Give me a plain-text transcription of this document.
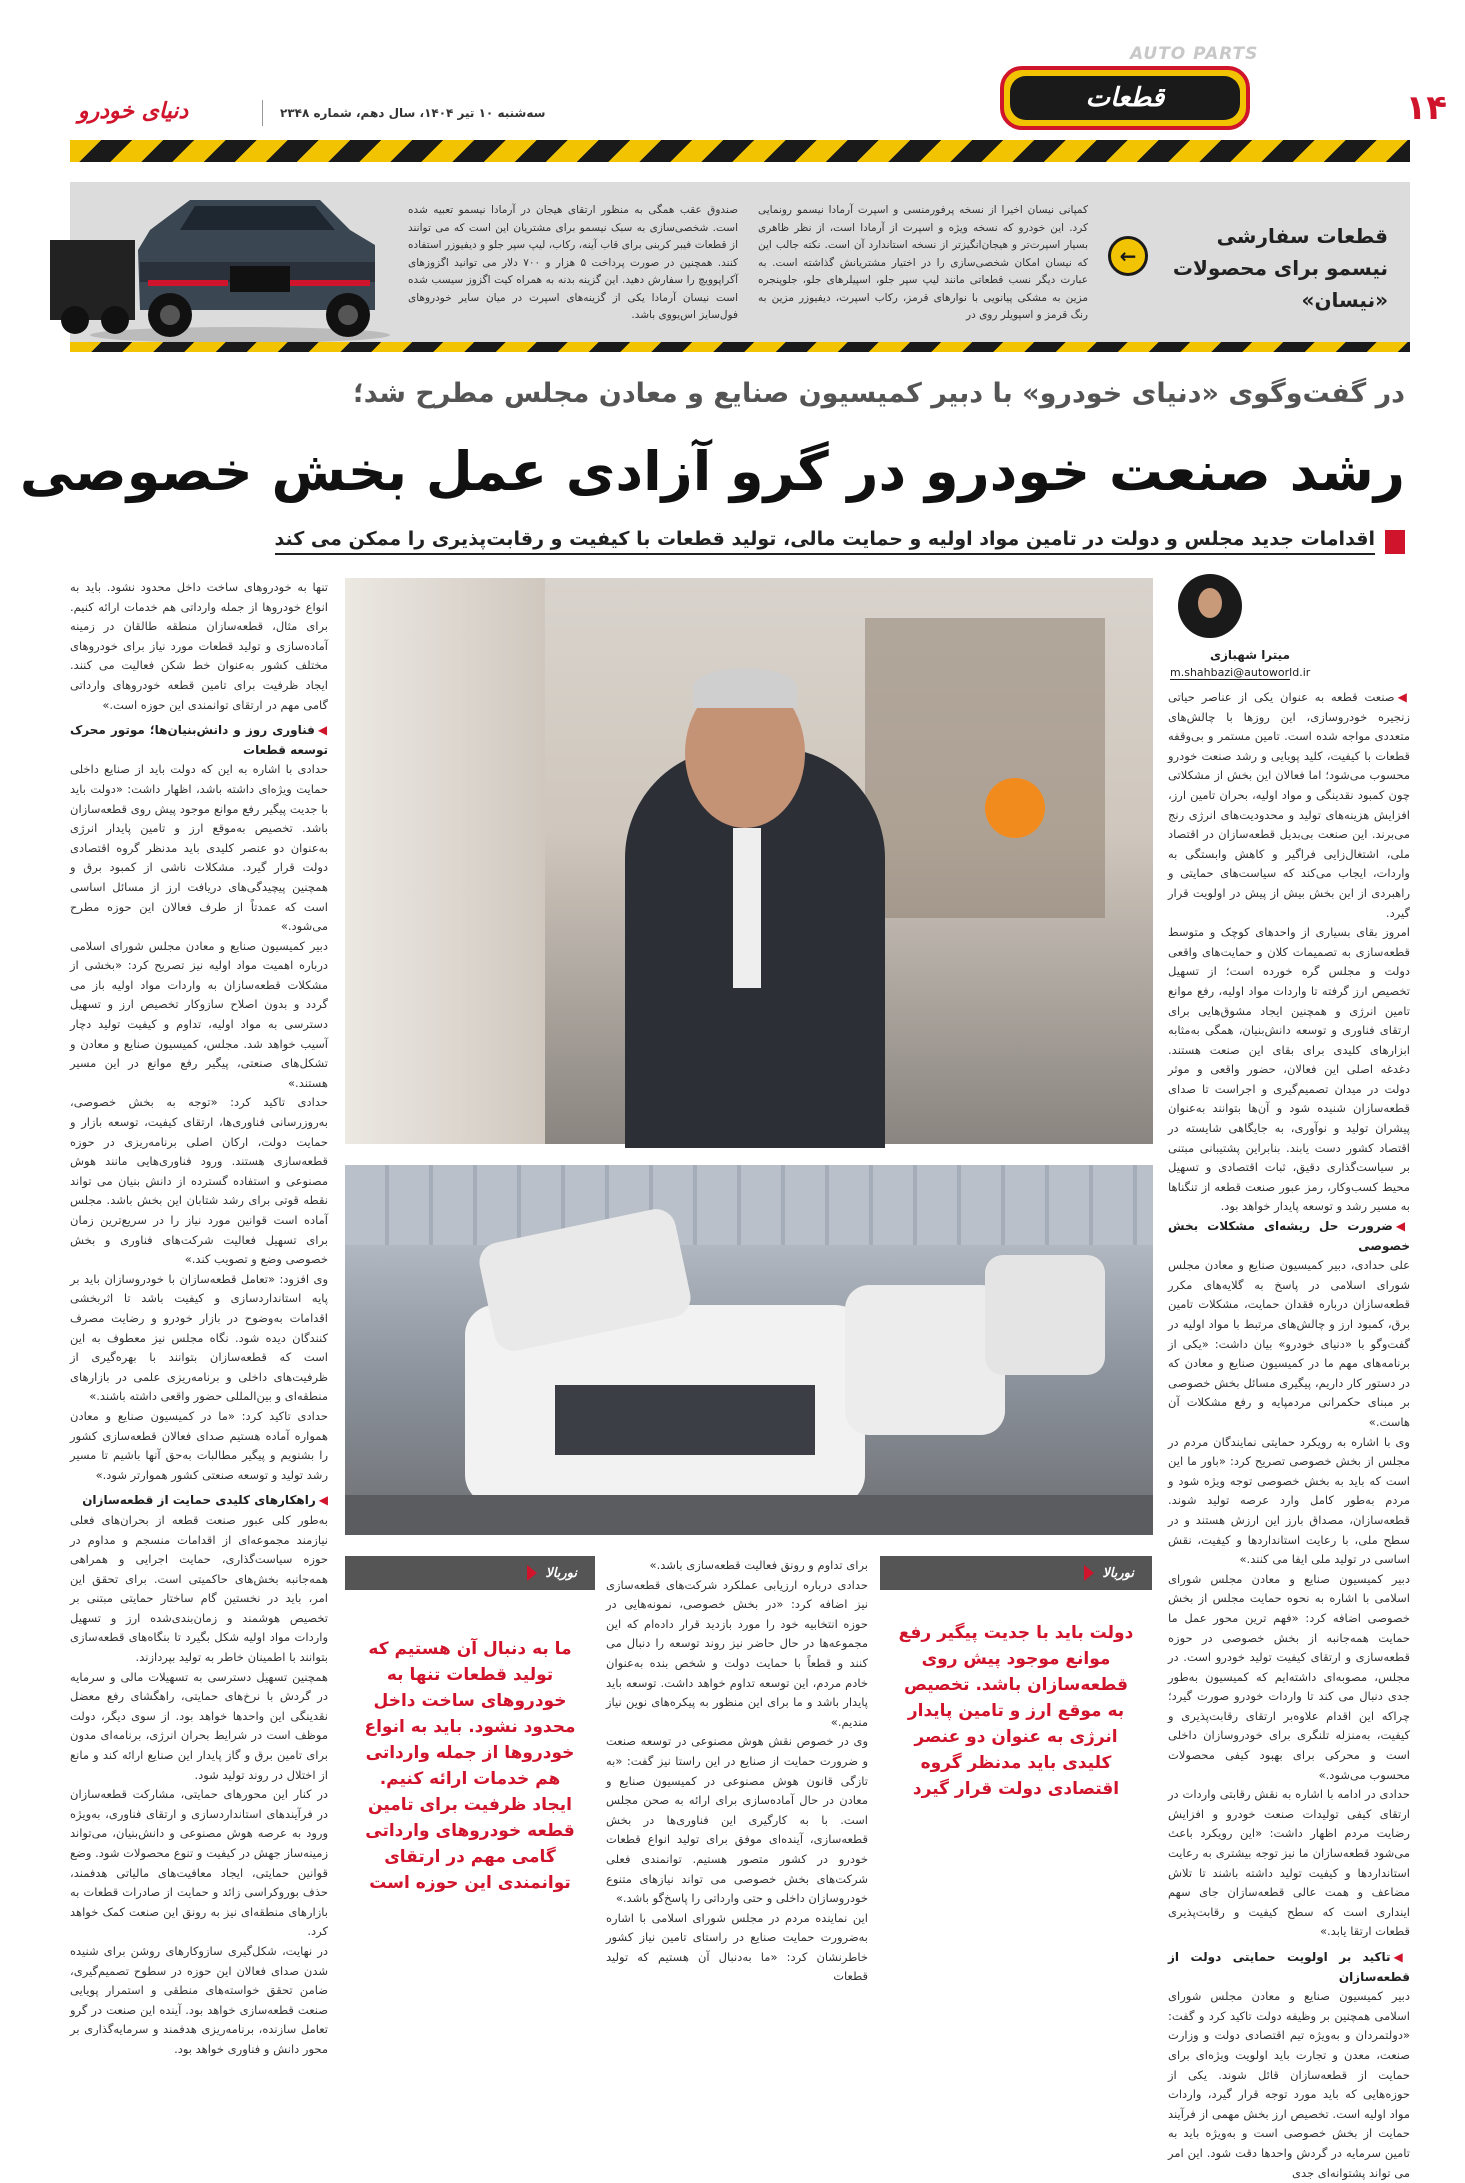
AUTO PARTS
۱۴
قطعات
دنیای خودرو	سه‌شنبه ۱۰ تیر ۱۴۰۴، سال دهم، شماره ۲۳۴۸
قطعات سفارشی نیسمو برای محصولات «نیسان»
←
کمپانی نیسان اخیرا از نسخه پرفورمنسی و اسپرت آرمادا نیسمو رونمایی کرد. این خودرو که نسخه ویژه و اسپرت از آرمادا است، از نظر ظاهری بسیار اسپرت‌تر و هیجان‌انگیزتر از نسخه استاندارد آن است. نکته جالب این که نیسان امکان شخصی‌سازی را در اختیار مشتریانش گذاشته است. به عبارت دیگر نسب قطعاتی مانند لیپ سپر جلو، اسپیلرهای جلو، جلوپنجره مزین به مشکی پیانویی با نوارهای قرمز، رکاب اسپرت، دیفیوزر مزین به رنگ قرمز و اسپویلر روی در
صندوق عقب همگی به منظور ارتقای هیجان در آرمادا نیسمو تعبیه شده است. شخصی‌سازی به سبک نیسمو برای مشتریان این است که می توانند از قطعات فیبر کربنی برای قاب آینه، رکاب، لیپ سپر جلو و دیفیوزر استفاده کنند. همچنین در صورت پرداخت ۵ هزار و ۷۰۰ دلار می توانید اگزوزهای آکراپوویچ را سفارش دهید. این گزینه بدنه به همراه کیت اگزوز سیسب شده است نیسان آرمادا یکی از گزینه‌های اسپرت در میان سایر خودروهای فول‌سایز اس‌یووی باشد.
در گفت‌وگوی «دنیای خودرو» با دبیر کمیسیون صنایع و معادن مجلس مطرح شد؛
رشد صنعت خودرو در گرو آزادی عمل بخش خصوصی
اقدامات جدید مجلس و دولت در تامین مواد اولیه و حمایت مالی، تولید قطعات با کیفیت و رقابت‌پذیری را ممکن می کند
میترا شهبازی
m.shahbazi@autoworld.ir

◀صنعت قطعه به عنوان یکی از عناصر حیاتی زنجیره خودروسازی، این روزها با چالش‌های متعددی مواجه شده است. تامین مستمر و بی‌وقفه قطعات با کیفیت، کلید پویایی و رشد صنعت خودرو محسوب می‌شود؛ اما فعالان این بخش از مشکلاتی چون کمبود نقدینگی و مواد اولیه، بحران تامین ارز، افزایش هزینه‌های تولید و محدودیت‌های انرژی رنج می‌برند. این صنعت بی‌بدیل قطعه‌سازان در اقتصاد ملی، اشتغال‌زایی فراگیر و کاهش وابستگی به واردات، ایجاب می‌کند که سیاست‌های حمایتی و راهبردی از این بخش بیش از پیش در اولویت قرار گیرد.

امروز بقای بسیاری از واحدهای کوچک و متوسط قطعه‌سازی به تصمیمات کلان و حمایت‌های واقعی دولت و مجلس گره خورده است؛ از تسهیل تخصیص ارز گرفته تا واردات مواد اولیه، رفع موانع تامین انرژی و همچنین ایجاد مشوق‌هایی برای ارتقای فناوری و توسعه دانش‌بنیان، همگی به‌مثابه ابزارهای کلیدی برای بقای این صنعت هستند. دغدغه اصلی این فعالان، حضور واقعی و موثر دولت در میدان تصمیم‌گیری و اجراست تا صدای قطعه‌سازان شنیده شود و آن‌ها بتوانند به‌عنوان پیشران تولید و نوآوری، به جایگاهی شایسته در اقتصاد کشور دست یابند. بنابراین پشتیبانی مبتنی بر سیاست‌گذاری دقیق، ثبات اقتصادی و تسهیل محیط کسب‌وکار، رمز عبور صنعت قطعه از تنگناها به مسیر رشد و توسعه پایدار خواهد بود.

◀ضرورت حل ریشه‌ای مشکلات بخش خصوصی

علی حدادی، دبیر کمیسیون صنایع و معادن مجلس شورای اسلامی در پاسخ به گلایه‌های مکرر قطعه‌سازان درباره فقدان حمایت، مشکلات تامین برق، کمبود ارز و چالش‌های مرتبط با مواد اولیه در گفت‌وگو با «دنیای خودرو» بیان داشت: «یکی از برنامه‌های مهم ما در کمیسیون صنایع و معادن که در دستور کار داریم، پیگیری مسائل بخش خصوصی بر مبنای حکمرانی مردمپایه و رفع مشکلات آن هاست.»

وی با اشاره به رویکرد حمایتی نمایندگان مردم در مجلس از بخش خصوصی تصریح کرد: «باور ما این است که باید به بخش خصوصی توجه ویژه شود و مردم به‌طور کامل وارد عرصه تولید شوند. قطعه‌سازان، مصداق بارز این ارزش هستند و در سطح ملی، با رعایت استانداردها و کیفیت، نقش اساسی در تولید ملی ایفا می کنند.»

دبیر کمیسیون صنایع و معادن مجلس شورای اسلامی با اشاره به نحوه حمایت مجلس از بخش خصوصی اضافه کرد: «فهم ترین محور عمل ما حمایت همه‌جانبه از بخش خصوصی در حوزه قطعه‌سازی و ارتقای کیفیت تولید خودرو است. در مجلس، مصوبه‌ای داشته‌ایم که کمیسیون به‌طور جدی دنبال می کند تا واردات خودرو صورت گیرد؛ چراکه این اقدام علاوه‌بر ارتقای رقابت‌پذیری و کیفیت، به‌منزله تلنگری برای خودروسازان داخلی است و محرکی برای بهبود کیفی محصولات محسوب می‌شود.»

حدادی در ادامه با اشاره به نقش رقابتی واردات در ارتقای کیفی تولیدات صنعت خودرو و افزایش رضایت مردم اظهار داشت: «این رویکرد باعث می‌شود قطعه‌سازان ما نیز توجه بیشتری به رعایت استانداردها و کیفیت تولید داشته باشند تا تلاش مضاعف و همت عالی قطعه‌سازان جای سهم اینداری است که سطح کیفیت و رقابت‌پذیری قطعات ارتقا یابد.»

◀تاکید بر اولویت حمایتی دولت از قطعه‌سازان

دبیر کمیسیون صنایع و معادن مجلس شورای اسلامی همچنین بر وظیفه دولت تاکید کرد و گفت: «دولتمردان و به‌ویژه تیم اقتصادی دولت و وزارت صنعت، معدن و تجارت باید اولویت ویژه‌ای برای حمایت از قطعه‌سازان قائل شوند. یکی از حوزه‌هایی که باید مورد توجه قرار گیرد، واردات مواد اولیه است. تخصیص ارز بخش مهمی از فرآیند حمایت از بخش خصوصی است و به‌ویژه باید به تامین سرمایه در گردش واحدها دقت شود. این امر می تواند پشتوانه‌ای جدی

تنها به خودروهای ساخت داخل محدود نشود. باید به انواع خودروها از جمله وارداتی هم خدمات ارائه کنیم. برای مثال، قطعه‌سازان منطقه طالقان در زمینه آماده‌سازی و تولید قطعات مورد نیاز برای خودروهای مختلف کشور به‌عنوان خط شکن فعالیت می کنند. ایجاد ظرفیت برای تامین قطعه خودروهای وارداتی گامی مهم در ارتقای توانمندی این حوزه است.»

◀فناوری روز و دانش‌بنیان‌ها؛ موتور محرک توسعه قطعات

حدادی با اشاره به این که دولت باید از صنایع داخلی حمایت ویژه‌ای داشته باشد، اظهار داشت: «دولت باید با جدیت پیگیر رفع موانع موجود پیش روی قطعه‌سازان باشد. تخصیص به‌موقع ارز و تامین پایدار انرژی به‌عنوان دو عنصر کلیدی باید مدنظر گروه اقتصادی دولت قرار گیرد. مشکلات ناشی از کمبود برق و همچنین پیچیدگی‌های دریافت ارز از مسائل اساسی است که عمدتاً از طرف فعالان این حوزه مطرح می‌شود.»

دبیر کمیسیون صنایع و معادن مجلس شورای اسلامی درباره اهمیت مواد اولیه نیز تصریح کرد: «بخشی از مشکلات قطعه‌سازان به واردات مواد اولیه باز می گردد و بدون اصلاح سازوکار تخصیص ارز و تسهیل دسترسی به مواد اولیه، تداوم و کیفیت تولید دچار آسیب خواهد شد. مجلس، کمیسیون صنایع و معادن و تشکل‌های صنعتی، پیگیر رفع موانع در این مسیر هستند.»

حدادی تاکید کرد: «توجه به بخش خصوصی، به‌روزرسانی فناوری‌ها، ارتقای کیفیت، توسعه بازار و حمایت دولت، ارکان اصلی برنامه‌ریزی در حوزه قطعه‌سازی هستند. ورود فناوری‌هایی مانند هوش مصنوعی و استفاده گسترده از دانش بنیان می تواند نقطه قوتی برای رشد شتابان این بخش باشد. مجلس آماده است قوانین مورد نیاز را در سریع‌ترین زمان برای تسهیل فعالیت شرکت‌های فناوری و بخش خصوصی وضع و تصویب کند.»

وی افزود: «تعامل قطعه‌سازان با خودروسازان باید بر پایه استانداردسازی و کیفیت باشد تا اثربخشی اقدامات به‌وضوح در بازار خودرو و رضایت مصرف کنندگان دیده شود. نگاه مجلس نیز معطوف به این است که قطعه‌سازان بتوانند با بهره‌گیری از ظرفیت‌های داخلی و برنامه‌ریزی علمی در بازارهای منطقه‌ای و بین‌المللی حضور واقعی داشته باشند.»

حدادی تاکید کرد: «ما در کمیسیون صنایع و معادن همواره آماده هستیم صدای فعالان قطعه‌سازی کشور را بشنویم و پیگیر مطالبات به‌حق آنها باشیم تا مسیر رشد تولید و توسعه صنعتی کشور هموارتر شود.»

◀راهکارهای کلیدی حمایت از قطعه‌سازان

به‌طور کلی عبور صنعت قطعه از بحران‌های فعلی نیازمند مجموعه‌ای از اقدامات منسجم و مداوم در حوزه سیاست‌گذاری، حمایت اجرایی و همراهی همه‌جانبه بخش‌های حاکمیتی است. برای تحقق این امر، باید در نخستین گام ساختار حمایتی مبتنی بر تخصیص هوشمند و زمان‌بندی‌شده ارز و تسهیل واردات مواد اولیه شکل بگیرد تا بنگاه‌های قطعه‌سازی بتوانند با اطمینان خاطر به تولید بپردازند.

همچنین تسهیل دسترسی به تسهیلات مالی و سرمایه در گردش با نرخ‌های حمایتی، راهگشای رفع معضل نقدینگی این واحدها خواهد بود. از سوی دیگر، دولت موظف است در شرایط بحران انرژی، برنامه‌ای مدون برای تامین برق و گاز پایدار این صنایع ارائه کند و مانع از اختلال در روند تولید شود.

در کنار این محورهای حمایتی، مشارکت قطعه‌سازان در فرآیندهای استانداردسازی و ارتقای فناوری، به‌ویژه ورود به عرصه هوش مصنوعی و دانش‌بنیان، می‌تواند زمینه‌ساز جهش در کیفیت و تنوع محصولات شود. وضع قوانین حمایتی، ایجاد معافیت‌های مالیاتی هدفمند، حذف بوروکراسی زائد و حمایت از صادرات قطعات به بازارهای منطقه‌ای نیز به رونق این صنعت کمک خواهد کرد.

در نهایت، شکل‌گیری سازوکارهای روشن برای شنیده شدن صدای فعالان این حوزه در سطوح تصمیم‌گیری، ضامن تحقق خواسته‌های منطقی و استمرار پویایی صنعت قطعه‌سازی خواهد بود. آینده این صنعت در گرو تعامل سازنده، برنامه‌ریزی هدفمند و سرمایه‌گذاری بر محور دانش و فناوری خواهد بود.

برای تداوم و رونق فعالیت قطعه‌سازی باشد.»

حدادی درباره ارزیابی عملکرد شرکت‌های قطعه‌سازی نیز اضافه کرد: «در بخش خصوصی، نمونه‌هایی در حوزه انتخابیه خود را مورد بازدید قرار داده‌ام که این مجموعه‌ها در حال حاضر نیز روند توسعه را دنبال می کنند و قطعاً با حمایت دولت و شخص بنده به‌عنوان خادم مردم، این توسعه تداوم خواهد داشت. توسعه باید پایدار باشد و ما برای این منظور به پیکره‌های نوین نیاز مندیم.»

وی در خصوص نقش هوش مصنوعی در توسعه صنعت و ضرورت حمایت از صنایع در این راستا نیز گفت: «به تازگی قانون هوش مصنوعی در کمیسیون صنایع و معادن در حال آماده‌سازی برای ارائه به صحن مجلس است. با به کارگیری این فناوری‌ها در بخش قطعه‌سازی، آینده‌ای موفق برای تولید انواع قطعات خودرو در کشور متصور هستیم. توانمندی فعلی شرکت‌های بخش خصوصی می تواند نیازهای متنوع خودروسازان داخلی و حتی وارداتی را پاسخ‌گو باشد.»

این نماینده مردم در مجلس شورای اسلامی با اشاره به‌ضرورت حمایت صنایع در راستای تامین نیاز کشور خاطرنشان کرد: «ما به‌دنبال آن هستیم که تولید قطعات

نوربالا
دولت باید با جدیت پیگیر رفع موانع موجود پیش روی قطعه‌سازان باشد. تخصیص به موقع ارز و تامین پایدار انرژی به عنوان دو عنصر کلیدی باید مدنظر گروه اقتصادی دولت قرار گیرد
نوربالا
ما به دنبال آن هستیم که تولید قطعات تنها به خودروهای ساخت داخل محدود نشود. باید به انواع خودروها از جمله وارداتی هم خدمات ارائه کنیم. ایجاد ظرفیت برای تامین قطعه خودروهای وارداتی گامی مهم در ارتقای توانمندی این حوزه است
